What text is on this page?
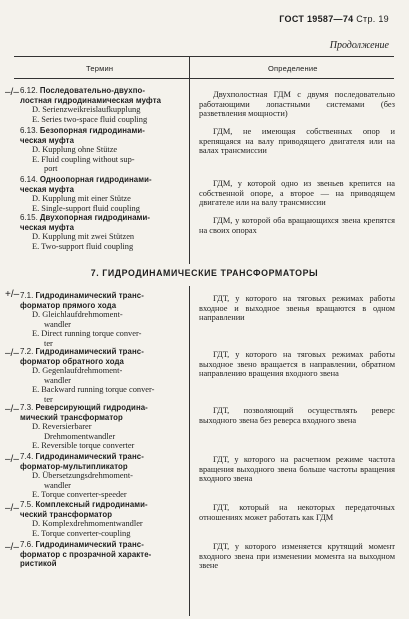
ГОСТ 19587—74 Стр. 19
Продолжение
Термин	Определение
–/–
+/–
–/–
–/–
–/–
–/–
–/–
6.12. Последовательно-двухпо-
лостная гидродинамическая муфта
D. Serienzweikreislaufkupplung
E. Series two-space fluid coupling
Двухполостная ГДМ с двумя последовательно работающими лопастными системами (без разветвления мощности)
6.13. Безопорная гидродинами-
ческая муфта
D. Kupplung ohne Stütze
E. Fluid coupling without sup-
port
ГДМ, не имеющая собственных опор и крепящаяся на валу приводящего двигателя или на валах трансмиссии
6.14. Одноопорная гидродинами-
ческая муфта
D. Kupplung mit einer Stütze
E. Single-support fluid coupling
ГДМ, у которой одно из звеньев крепится на собственной опоре, а второе — на приводящем двигателе или на валу трансмиссии
6.15. Двухопорная гидродинами-
ческая муфта
D. Kupplung mit zwei Stützen
E. Two-support fluid coupling
ГДМ, у которой оба вращающихся звена крепятся на своих опорах
7.1. Гидродинамический транс-
форматор прямого хода
D. Gleichlaufdrehmoment-
wandler
E. Direct running torque conver-
ter
ГДТ, у которого на тяговых режимах работы входное и выходное звенья вращаются в одном направлении
7.2. Гидродинамический транс-
форматор обратного хода
D. Gegenlaufdrehmoment-
wandler
E. Backward running torque conver-
ter
ГДТ, у которого на тяговых режимах работы выходное звено вращается в направлении, обратном направлению вращения входного звена
7.3. Реверсирующий гидродина-
мический трансформатор
D. Reversierbarer
Drehmomentwandler
E. Reversible torque converter
ГДТ, позволяющий осуществлять реверс выходного звена без реверса входного звена
7.4. Гидродинамический транс-
форматор-мультипликатор
D. Übersetzungsdrehmoment-
wandler
E. Torque converter-speeder
ГДТ, у которого на расчетном режиме частота вращения выходного звена больше частоты вращения входного звена
7.5. Комплексный гидродинами-
ческий трансформатор
D. Komplexdrehmomentwandler
E. Torque converter-coupling
ГДТ, который на некоторых передаточных отношениях может работать как ГДМ
7.6. Гидродинамический транс-
форматор с прозрачной характе-
ристикой
ГДТ, у которого изменяется крутящий момент входного звена при изменении момента на выходном звене
7. ГИДРОДИНАМИЧЕСКИЕ ТРАНСФОРМАТОРЫ
